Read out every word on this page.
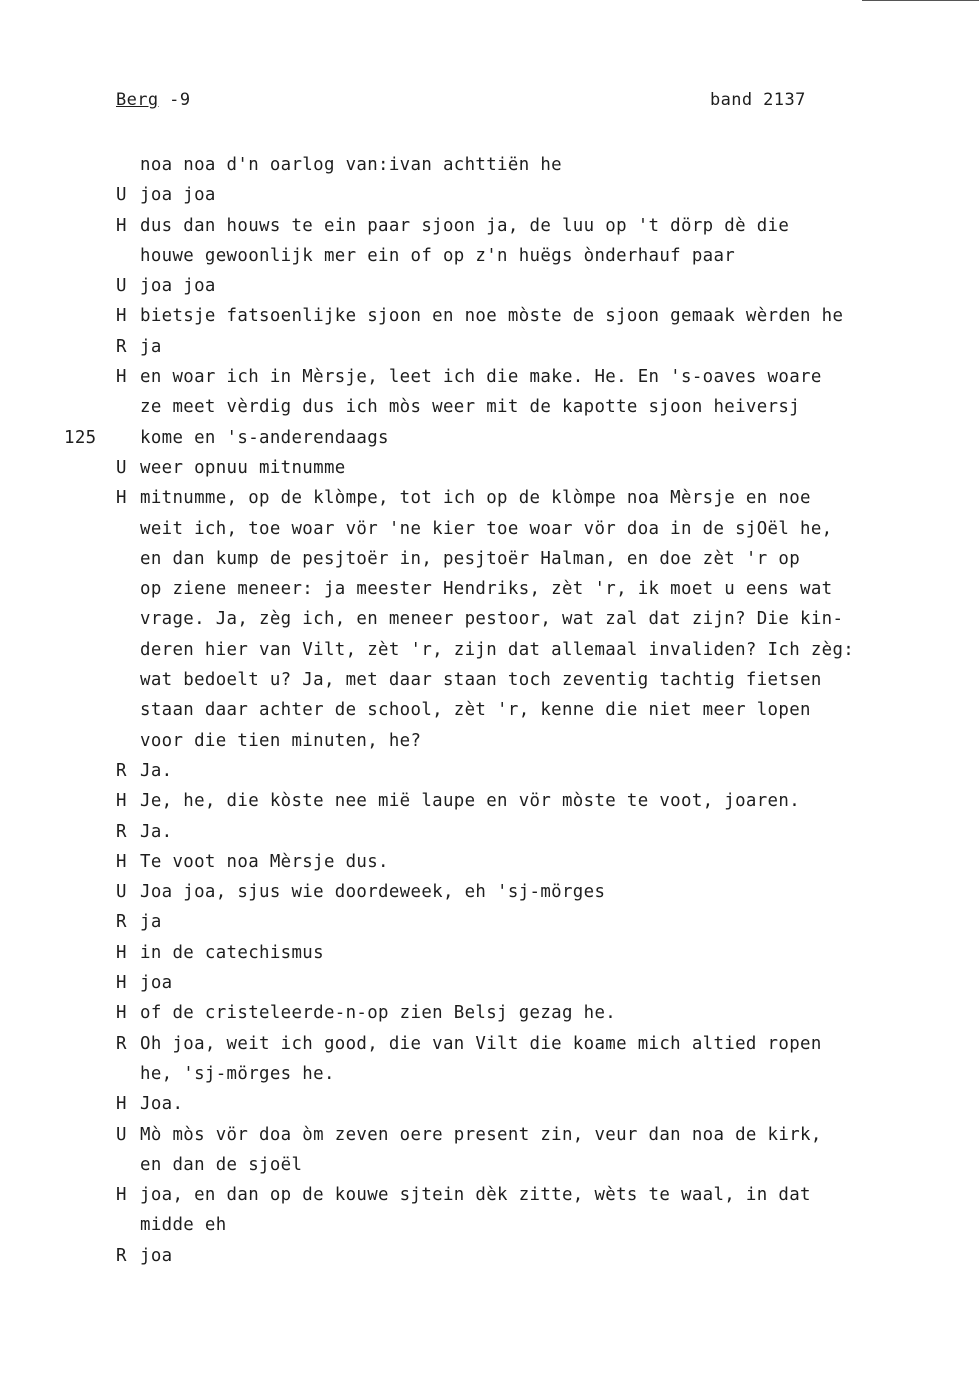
Berg -9	band 2137
noa noa d'n oarlog van:ivan achttiën he
U joa joa
H dus dan houws te ein paar sjoon ja, de luu op 't dörp dè die
houwe gewoonlijk mer ein of op z'n huëgs ònderhauf paar
U joa joa
H bietsje fatsoenlijke sjoon en noe mòste de sjoon gemaak wèrden he
R ja
H en woar ich in Mèrsje, leet ich die make. He. En 's-oaves woare
ze meet vèrdig dus ich mòs weer mit de kapotte sjoon heiversj
125	kome en 's-anderendaags
U weer opnuu mitnumme
H mitnumme, op de klòmpe, tot ich op de klòmpe noa Mèrsje en noe
weit ich, toe woar vör 'ne kier toe woar vör doa in de sjOël he,
en dan kump de pesjtoër in, pesjtoër Halman, en doe zèt 'r op
op ziene meneer: ja meester Hendriks, zèt 'r, ik moet u eens wat
vrage. Ja, zèg ich, en meneer pestoor, wat zal dat zijn? Die kin-
deren hier van Vilt, zèt 'r, zijn dat allemaal invaliden? Ich zèg:
wat bedoelt u? Ja, met daar staan toch zeventig tachtig fietsen
staan daar achter de school, zèt 'r, kenne die niet meer lopen
voor die tien minuten, he?
R Ja.
H Je, he, die kòste nee mië laupe en vör mòste te voot, joaren.
R Ja.
H Te voot noa Mèrsje dus.
U Joa joa, sjus wie doordeweek, eh 'sj-mörges
R ja
H in de catechismus
H joa
H of de cristeleerde-n-op zien Belsj gezag he.
R Oh joa, weit ich good, die van Vilt die koame mich altied ropen
he, 'sj-mörges he.
H Joa.
U Mò mòs vör doa òm zeven oere present zin, veur dan noa de kirk,
en dan de sjoël
H joa, en dan op de kouwe sjtein dèk zitte, wèts te waal, in dat
midde eh
R joa
